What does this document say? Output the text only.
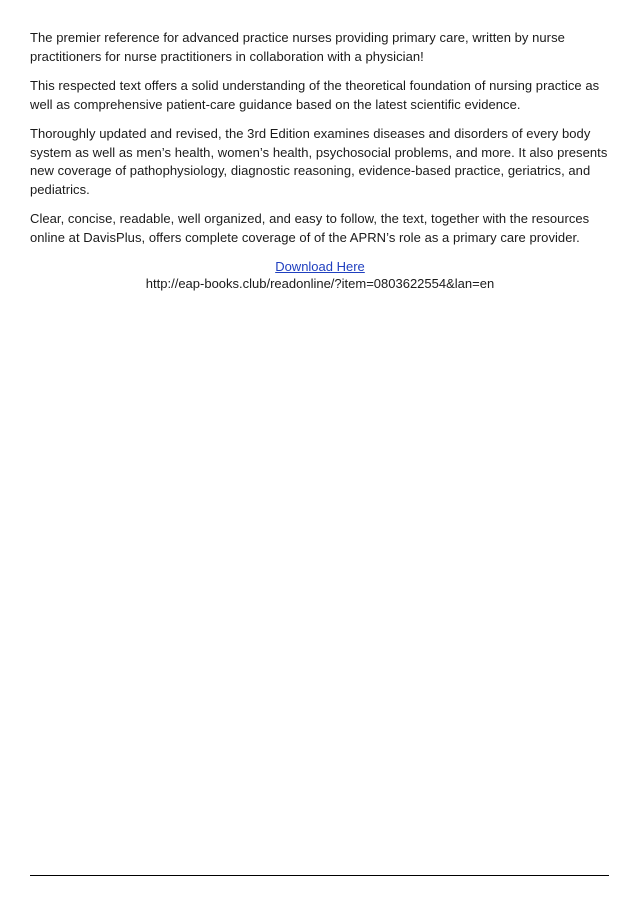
The premier reference for advanced practice nurses providing primary care, written by nurse practitioners for nurse practitioners in collaboration with a physician!

This respected text offers a solid understanding of the theoretical foundation of nursing practice as well as comprehensive patient-care guidance based on the latest scientific evidence.

Thoroughly updated and revised, the 3rd Edition examines diseases and disorders of every body system as well as men’s health, women’s health, psychosocial problems, and more. It also presents new coverage of pathophysiology, diagnostic reasoning, evidence-based practice, geriatrics, and pediatrics.

Clear, concise, readable, well organized, and easy to follow, the text, together with the resources online at DavisPlus, offers complete coverage of of the APRN’s role as a primary care provider.

Download Here
http://eap-books.club/readonline/?item=0803622554&lan=en
